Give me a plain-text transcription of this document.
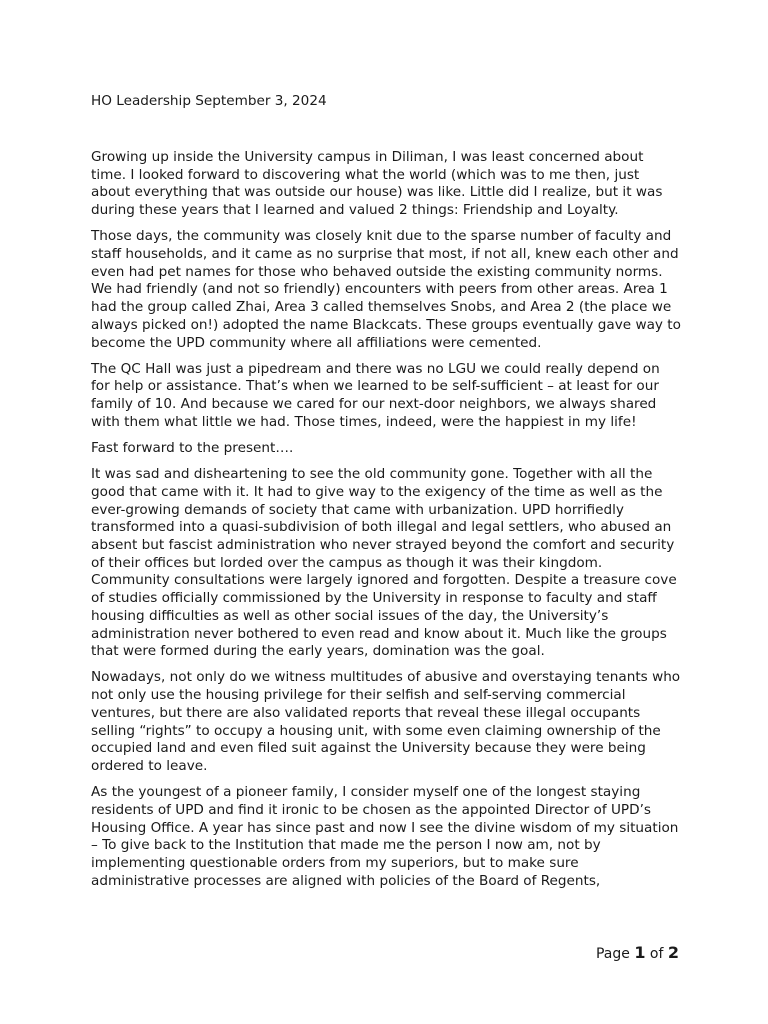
HO Leadership September 3, 2024

Growing up inside the University campus in Diliman, I was least concerned about time. I looked forward to discovering what the world (which was to me then, just about everything that was outside our house) was like. Little did I realize, but it was during these years that I learned and valued 2 things: Friendship and Loyalty.

Those days, the community was closely knit due to the sparse number of faculty and staff households, and it came as no surprise that most, if not all, knew each other and even had pet names for those who behaved outside the existing community norms. We had friendly (and not so friendly) encounters with peers from other areas. Area 1 had the group called Zhai, Area 3 called themselves Snobs, and Area 2 (the place we always picked on!) adopted the name Blackcats. These groups eventually gave way to become the UPD community where all affiliations were cemented.

The QC Hall was just a pipedream and there was no LGU we could really depend on for help or assistance. That’s when we learned to be self-sufficient – at least for our family of 10. And because we cared for our next-door neighbors, we always shared with them what little we had. Those times, indeed, were the happiest in my life!

Fast forward to the present….

It was sad and disheartening to see the old community gone. Together with all the good that came with it. It had to give way to the exigency of the time as well as the ever-growing demands of society that came with urbanization. UPD horrifiedly transformed into a quasi-subdivision of both illegal and legal settlers, who abused an absent but fascist administration who never strayed beyond the comfort and security of their offices but lorded over the campus as though it was their kingdom. Community consultations were largely ignored and forgotten. Despite a treasure cove of studies officially commissioned by the University in response to faculty and staff housing difficulties as well as other social issues of the day, the University’s administration never bothered to even read and know about it. Much like the groups that were formed during the early years, domination was the goal.

Nowadays, not only do we witness multitudes of abusive and overstaying tenants who not only use the housing privilege for their selfish and self-serving commercial ventures, but there are also validated reports that reveal these illegal occupants selling “rights” to occupy a housing unit, with some even claiming ownership of the occupied land and even filed suit against the University because they were being ordered to leave.

As the youngest of a pioneer family, I consider myself one of the longest staying residents of UPD and find it ironic to be chosen as the appointed Director of UPD’s Housing Office. A year has since past and now I see the divine wisdom of my situation – To give back to the Institution that made me the person I now am, not by implementing questionable orders from my superiors, but to make sure administrative processes are aligned with policies of the Board of Regents,

Page 1 of 2
